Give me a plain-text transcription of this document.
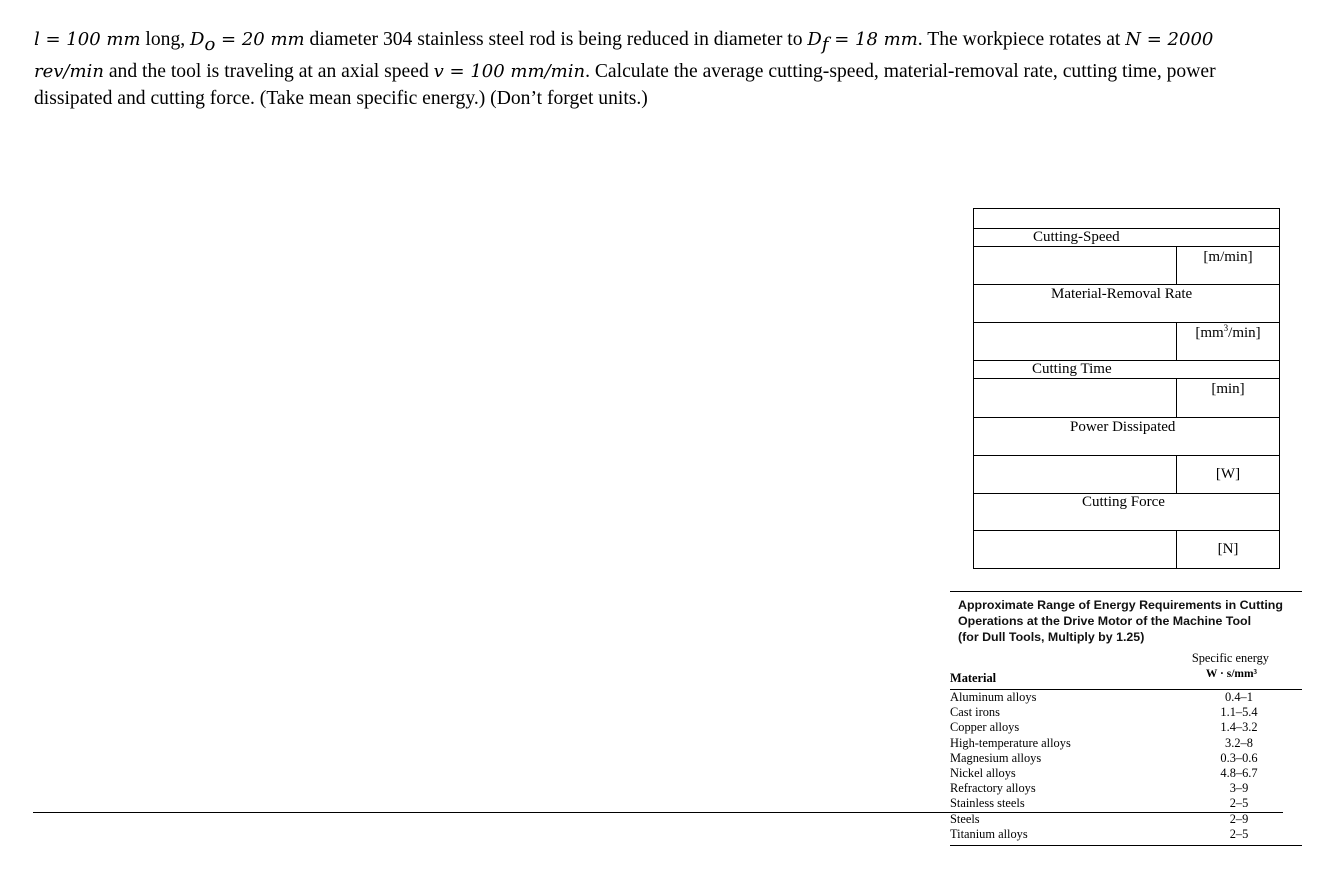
l = 100 mm long, $D_o = 20$ mm diameter 304 stainless steel rod is being reduced in diameter to $D_f = 18$ mm. The workpiece rotates at N = 2000 rev/min and the tool is traveling at an axial speed v = 100 mm/min. Calculate the average cutting-speed, material-removal rate, cutting time, power dissipated and cutting force. (Take mean specific energy.) (Don’t forget units.)
Cutting-Speed
[m/min]
Material-Removal Rate
$[mm^3/\min]$
Cutting Time
[min]
Power Dissipated
[W]
Cutting Force
[N]
Approximate Range of Energy Requirements in Cutting
Operations at the Drive Motor of the Machine Tool
(for Dull Tools, Multiply by 1.25)
Material
Specific energy
W · s/mm³
Aluminum alloys	0.4–1
Cast irons	1.1–5.4
Copper alloys	1.4–3.2
High-temperature alloys	3.2–8
Magnesium alloys	0.3–0.6
Nickel alloys	4.8–6.7
Refractory alloys	3–9
Stainless steels	2–5
Steels	2–9
Titanium alloys	2–5
